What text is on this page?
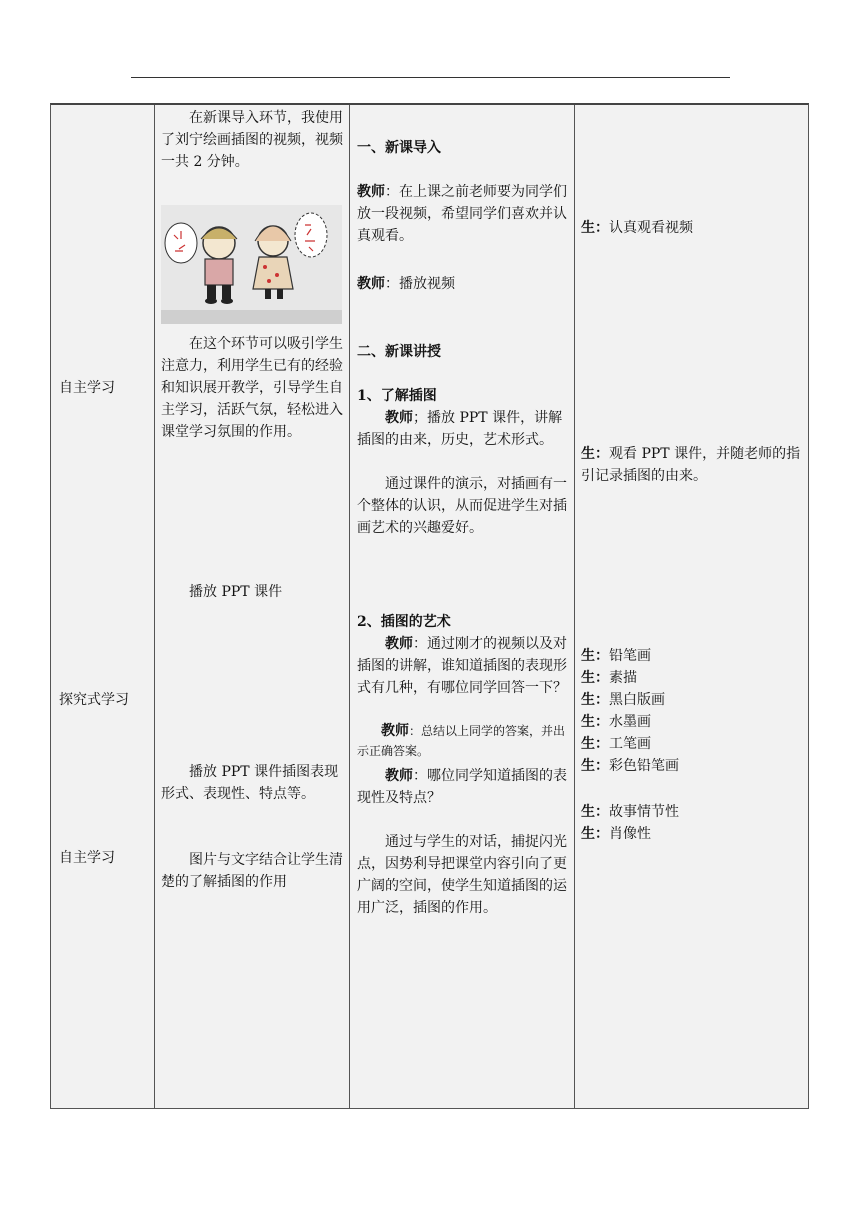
自主学习
探究式学习
自主学习
在新课导入环节，我使用了刘宁绘画插图的视频，视频一共 2 分钟。
在这个环节可以吸引学生注意力，利用学生已有的经验和知识展开教学，引导学生自主学习，活跃气氛，轻松进入课堂学习氛围的作用。
播放 PPT 课件
播放 PPT 课件插图表现形式、表现性、特点等。
图片与文字结合让学生清楚的了解插图的作用
一、新课导入
教师：在上课之前老师要为同学们放一段视频，希望同学们喜欢并认真观看。
教师：播放视频
二、新课讲授
1、了解插图
教师；播放 PPT 课件，讲解插图的由来，历史，艺术形式。
通过课件的演示，对插画有一个整体的认识，从而促进学生对插画艺术的兴趣爱好。
2、插图的艺术
教师：通过刚才的视频以及对插图的讲解，谁知道插图的表现形式有几种，有哪位同学回答一下？
教师：总结以上同学的答案，并出示正确答案。
教师：哪位同学知道插图的表现性及特点？
通过与学生的对话，捕捉闪光点，因势利导把课堂内容引向了更广阔的空间，使学生知道插图的运用广泛，插图的作用。
生：认真观看视频
生：观看 PPT 课件，并随老师的指引记录插图的由来。
生：铅笔画
生：素描
生：黑白版画
生：水墨画
生：工笔画
生：彩色铅笔画
生：故事情节性
生：肖像性
